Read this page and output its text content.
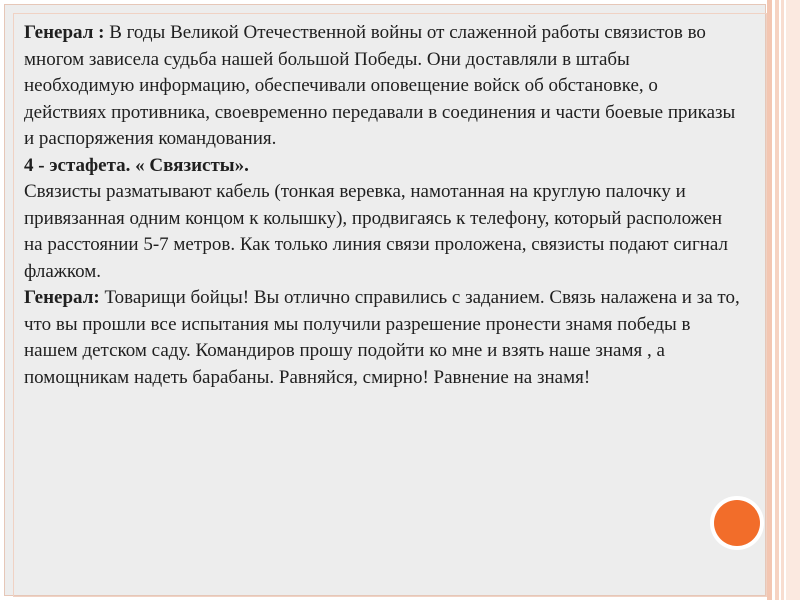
Генерал : В годы Великой Отечественной войны от слаженной работы связистов во многом зависела судьба нашей большой Победы. Они доставляли в штабы необходимую информацию, обеспечивали оповещение войск об обстановке, о действиях противника, своевременно передавали в соединения и части боевые приказы и распоряжения командования.

4 - эстафета. « Связисты».

Связисты разматывают кабель (тонкая веревка, намотанная на круглую палочку и привязанная одним концом к колышку), продвигаясь к телефону, который расположен на расстоянии 5-7 метров. Как только линия связи проложена, связисты подают сигнал флажком.

Генерал: Товарищи бойцы! Вы отлично справились с заданием. Связь налажена и за то, что вы прошли все испытания мы получили разрешение пронести знамя победы в нашем детском саду. Командиров прошу подойти ко мне и взять наше знамя , а помощникам надеть барабаны. Равняйся, смирно! Равнение на знамя!
